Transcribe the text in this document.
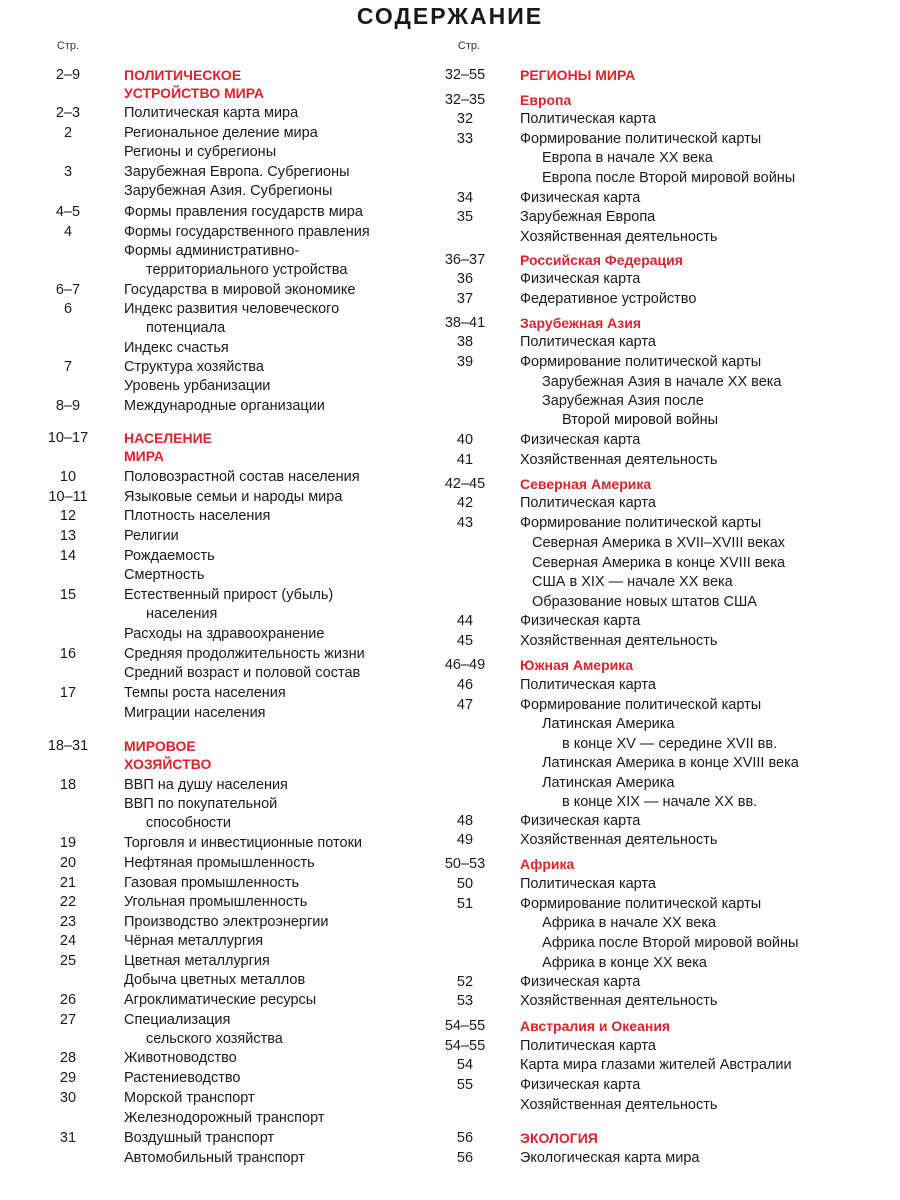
СОДЕРЖАНИЕ
Стр.
2–9	ПОЛИТИЧЕСКОЕ
УСТРОЙСТВО МИРА
2–3	Политическая карта мира
2	Региональное деление мира
Регионы и субрегионы
3	Зарубежная Европа. Субрегионы
Зарубежная Азия. Субрегионы
4–5	Формы правления государств мира
4	Формы государственного правления
Формы административно-
территориального устройства
6–7	Государства в мировой экономике
6	Индекс развития человеческого
потенциала
Индекс счастья
7	Структура хозяйства
Уровень урбанизации
8–9	Международные организации
10–17	НАСЕЛЕНИЕ
МИРА
10	Половозрастной состав населения
10–11	Языковые семьи и народы мира
12	Плотность населения
13	Религии
14	Рождаемость
Смертность
15	Естественный прирост (убыль)
населения
Расходы на здравоохранение
16	Средняя продолжительность жизни
Средний возраст и половой состав
17	Темпы роста населения
Миграции населения
18–31	МИРОВОЕ
ХОЗЯЙСТВО
18	ВВП на душу населения
ВВП по покупательной
способности
19	Торговля и инвестиционные потоки
20	Нефтяная промышленность
21	Газовая промышленность
22	Угольная промышленность
23	Производство электроэнергии
24	Чёрная металлургия
25	Цветная металлургия
Добыча цветных металлов
26	Агроклиматические ресурсы
27	Специализация
сельского хозяйства
28	Животноводство
29	Растениеводство
30	Морской транспорт
Железнодорожный транспорт
31	Воздушный транспорт
Автомобильный транспорт
Стр.
32–55	РЕГИОНЫ МИРА
32–35	Европа
32	Политическая карта
33	Формирование политической карты
Европа в начале XX века
Европа после Второй мировой войны
34	Физическая карта
35	Зарубежная Европа
Хозяйственная деятельность
36–37	Российская Федерация
36	Физическая карта
37	Федеративное устройство
38–41	Зарубежная Азия
38	Политическая карта
39	Формирование политической карты
Зарубежная Азия в начале XX века
Зарубежная Азия после
Второй мировой войны
40	Физическая карта
41	Хозяйственная деятельность
42–45	Северная Америка
42	Политическая карта
43	Формирование политической карты
Северная Америка в XVII–XVIII веках
Северная Америка в конце XVIII века
США в XIX — начале XX века
Образование новых штатов США
44	Физическая карта
45	Хозяйственная деятельность
46–49	Южная Америка
46	Политическая карта
47	Формирование политической карты
Латинская Америка
в конце XV — середине XVII вв.
Латинская Америка в конце XVIII века
Латинская Америка
в конце XIX — начале XX вв.
48	Физическая карта
49	Хозяйственная деятельность
50–53	Африка
50	Политическая карта
51	Формирование политической карты
Африка в начале XX века
Африка после Второй мировой войны
Африка в конце XX века
52	Физическая карта
53	Хозяйственная деятельность
54–55	Австралия и Океания
54–55	Политическая карта
54	Карта мира глазами жителей Австралии
55	Физическая карта
Хозяйственная деятельность
56	ЭКОЛОГИЯ
56	Экологическая карта мира
